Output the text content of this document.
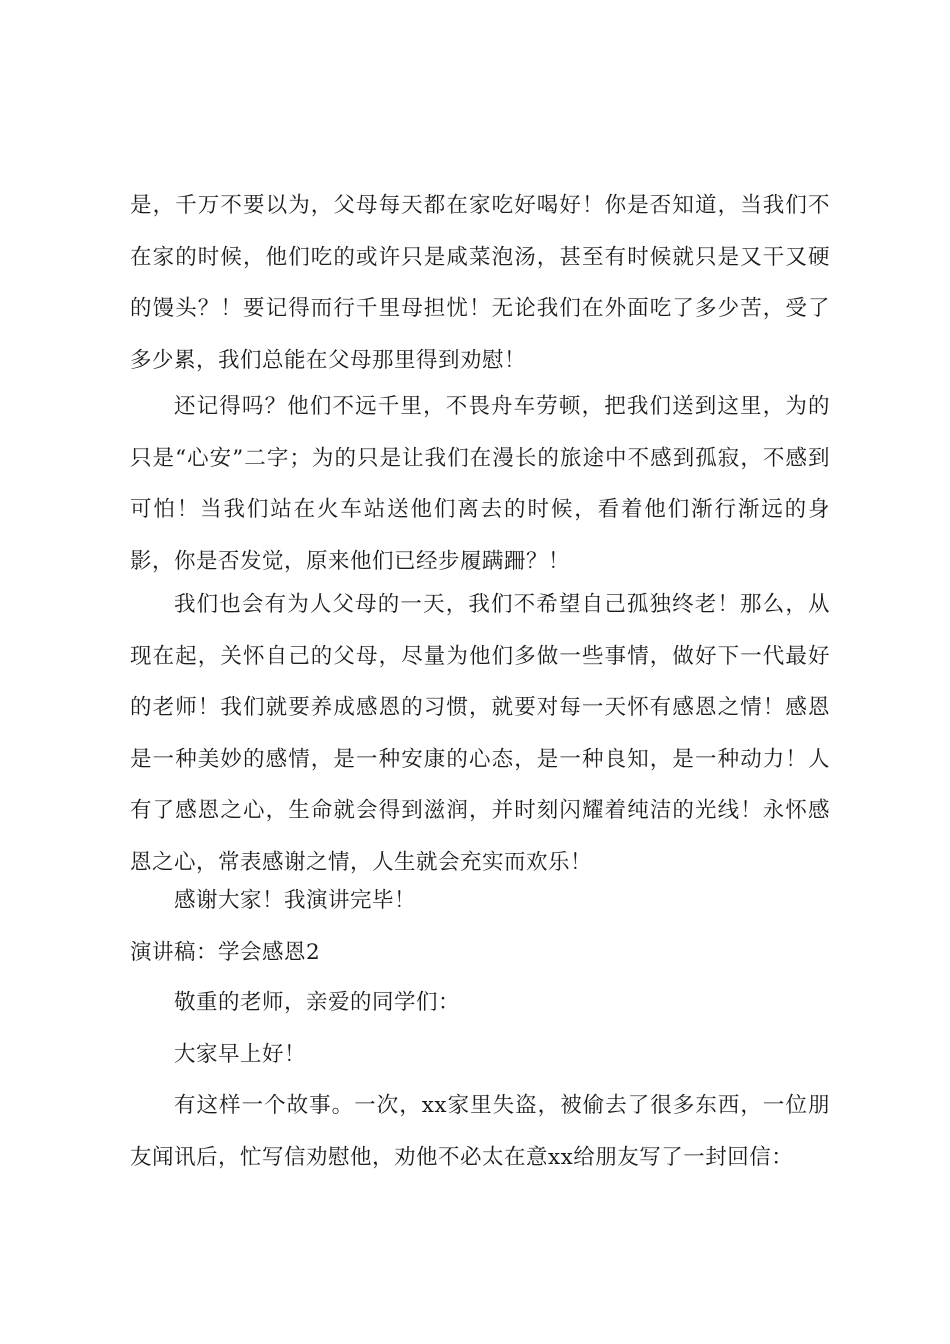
是，千万不要以为，父母每天都在家吃好喝好！你是否知道，当我们不在家的时候，他们吃的或许只是咸菜泡汤，甚至有时候就只是又干又硬的馒头？！要记得而行千里母担忧！无论我们在外面吃了多少苦，受了多少累，我们总能在父母那里得到劝慰！

还记得吗？他们不远千里，不畏舟车劳顿，把我们送到这里，为的只是“心安”二字；为的只是让我们在漫长的旅途中不感到孤寂，不感到可怕！当我们站在火车站送他们离去的时候，看着他们渐行渐远的身影，你是否发觉，原来他们已经步履蹒跚？！

我们也会有为人父母的一天，我们不希望自己孤独终老！那么，从现在起，关怀自己的父母，尽量为他们多做一些事情，做好下一代最好的老师！我们就要养成感恩的习惯，就要对每一天怀有感恩之情！感恩是一种美妙的感情，是一种安康的心态，是一种良知，是一种动力！人有了感恩之心，生命就会得到滋润，并时刻闪耀着纯洁的光线！永怀感恩之心，常表感谢之情，人生就会充实而欢乐！

感谢大家！我演讲完毕！
演讲稿：学会感恩2
敬重的老师，亲爱的同学们：
大家早上好！

有这样一个故事。一次，xx家里失盗，被偷去了很多东西，一位朋友闻讯后，忙写信劝慰他，劝他不必太在意xx给朋友写了一封回信：
